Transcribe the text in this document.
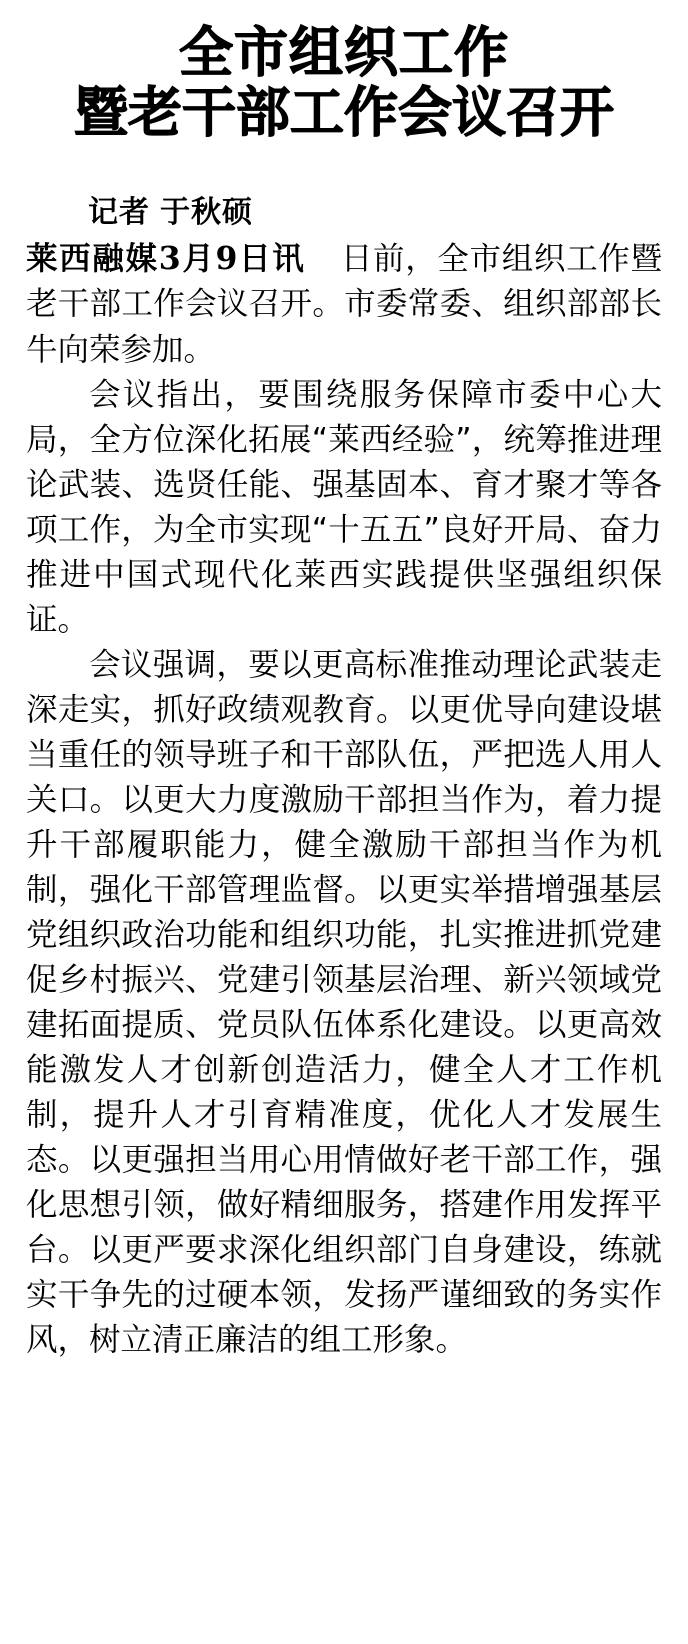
全市组织工作
暨老干部工作会议召开

记者 于秋硕

莱西融媒3月9日讯 日前，全市组织工作暨老干部工作会议召开。市委常委、组织部部长牛向荣参加。

会议指出，要围绕服务保障市委中心大局，全方位深化拓展“莱西经验”，统筹推进理论武装、选贤任能、强基固本、育才聚才等各项工作，为全市实现“十五五”良好开局、奋力推进中国式现代化莱西实践提供坚强组织保证。

会议强调，要以更高标准推动理论武装走深走实，抓好政绩观教育。以更优导向建设堪当重任的领导班子和干部队伍，严把选人用人关口。以更大力度激励干部担当作为，着力提升干部履职能力，健全激励干部担当作为机制，强化干部管理监督。以更实举措增强基层党组织政治功能和组织功能，扎实推进抓党建促乡村振兴、党建引领基层治理、新兴领域党建拓面提质、党员队伍体系化建设。以更高效能激发人才创新创造活力，健全人才工作机制，提升人才引育精准度，优化人才发展生态。以更强担当用心用情做好老干部工作，强化思想引领，做好精细服务，搭建作用发挥平台。以更严要求深化组织部门自身建设，练就实干争先的过硬本领，发扬严谨细致的务实作风，树立清正廉洁的组工形象。
